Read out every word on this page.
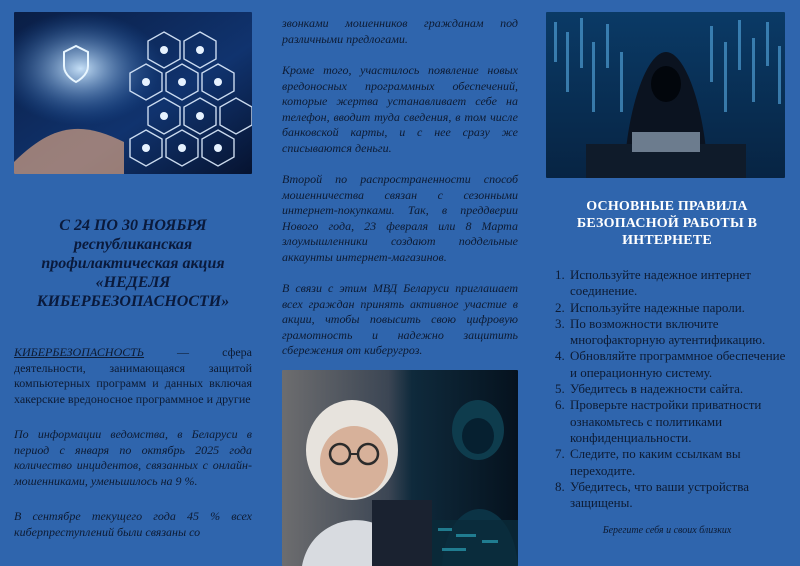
С 24 ПО 30 НОЯБРЯ республиканская профилактическая акция «НЕДЕЛЯ КИБЕРБЕЗОПАСНОСТИ»

КИБЕРБЕЗОПАСНОСТЬ — сфера деятельности, занимающаяся защитой компьютерных программ и данных включая хакерские вредоносное программное и другие

По информации ведомства, в Беларуси в период с января по октябрь 2025 года количество инцидентов, связанных с онлайн-мошенниками, уменьшилось на 9 %.

В сентябре текущего года 45 % всех киберпреступлений были связаны со

звонками мошенников гражданам под различными предлогами.

Кроме того, участилось появление новых вредоносных программных обеспечений, которые жертва устанавливает себе на телефон, вводит туда сведения, в том числе банковской карты, и с нее сразу же списываются деньги.

Второй по распространенности способ мошенничества связан с сезонными интернет-покупками. Так, в преддверии Нового года, 23 февраля или 8 Марта злоумышленники создают поддельные аккаунты интернет-магазинов.

В связи с этим МВД Беларуси приглашает всех граждан принять активное участие в акции, чтобы повысить свою цифровую грамотность и надежно защитить сбережения от киберугроз.

ОСНОВНЫЕ ПРАВИЛА БЕЗОПАСНОЙ РАБОТЫ В ИНТЕРНЕТЕ
1. Используйте надежное интернет соединение.
2. Используйте надежные пароли.
3. По возможности включите многофакторную аутентификацию.
4. Обновляйте программное обеспечение и операционную систему.
5. Убедитесь в надежности сайта.
6. Проверьте настройки приватности ознакомьтесь с политиками конфиденциальности.
7. Следите, по каким ссылкам вы переходите.
8. Убедитесь, что ваши устройства защищены.
Берегите себя и своих близких
